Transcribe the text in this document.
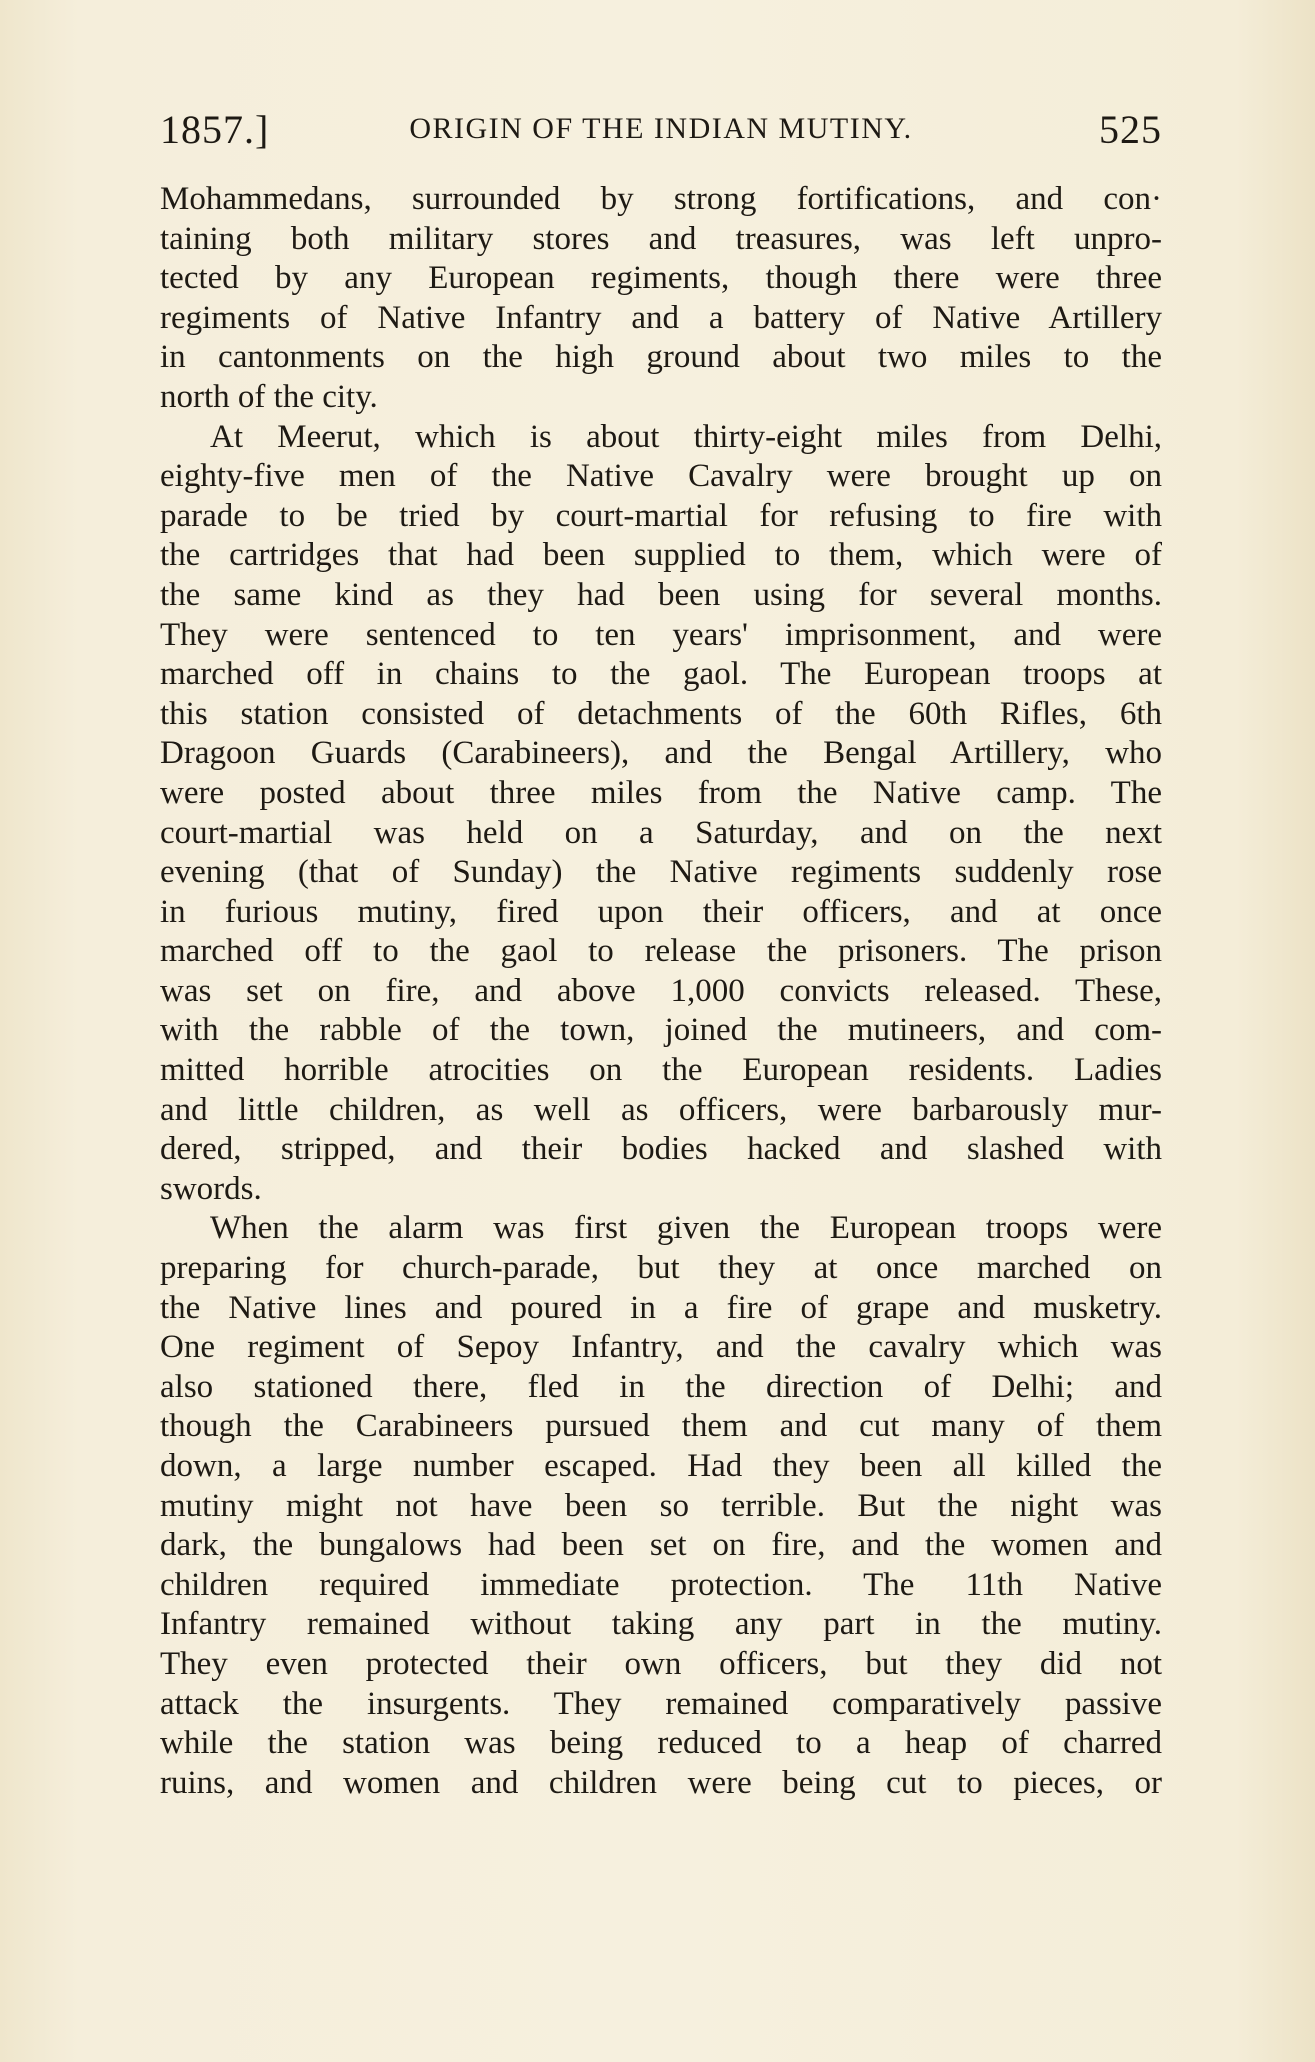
1857.]	ORIGIN OF THE INDIAN MUTINY.	525
Mohammedans, surrounded by strong fortifications, and con·
taining both military stores and treasures, was left unpro-
tected by any European regiments, though there were three
regiments of Native Infantry and a battery of Native Artillery
in cantonments on the high ground about two miles to the
north of the city.
At Meerut, which is about thirty-eight miles from Delhi,
eighty-five men of the Native Cavalry were brought up on
parade to be tried by court-martial for refusing to fire with
the cartridges that had been supplied to them, which were of
the same kind as they had been using for several months.
They were sentenced to ten years' imprisonment, and were
marched off in chains to the gaol. The European troops at
this station consisted of detachments of the 60th Rifles, 6th
Dragoon Guards (Carabineers), and the Bengal Artillery, who
were posted about three miles from the Native camp. The
court-martial was held on a Saturday, and on the next
evening (that of Sunday) the Native regiments suddenly rose
in furious mutiny, fired upon their officers, and at once
marched off to the gaol to release the prisoners. The prison
was set on fire, and above 1,000 convicts released. These,
with the rabble of the town, joined the mutineers, and com-
mitted horrible atrocities on the European residents. Ladies
and little children, as well as officers, were barbarously mur-
dered, stripped, and their bodies hacked and slashed with
swords.
When the alarm was first given the European troops were
preparing for church-parade, but they at once marched on
the Native lines and poured in a fire of grape and musketry.
One regiment of Sepoy Infantry, and the cavalry which was
also stationed there, fled in the direction of Delhi; and
though the Carabineers pursued them and cut many of them
down, a large number escaped. Had they been all killed the
mutiny might not have been so terrible. But the night was
dark, the bungalows had been set on fire, and the women and
children required immediate protection. The 11th Native
Infantry remained without taking any part in the mutiny.
They even protected their own officers, but they did not
attack the insurgents. They remained comparatively passive
while the station was being reduced to a heap of charred
ruins, and women and children were being cut to pieces, or
